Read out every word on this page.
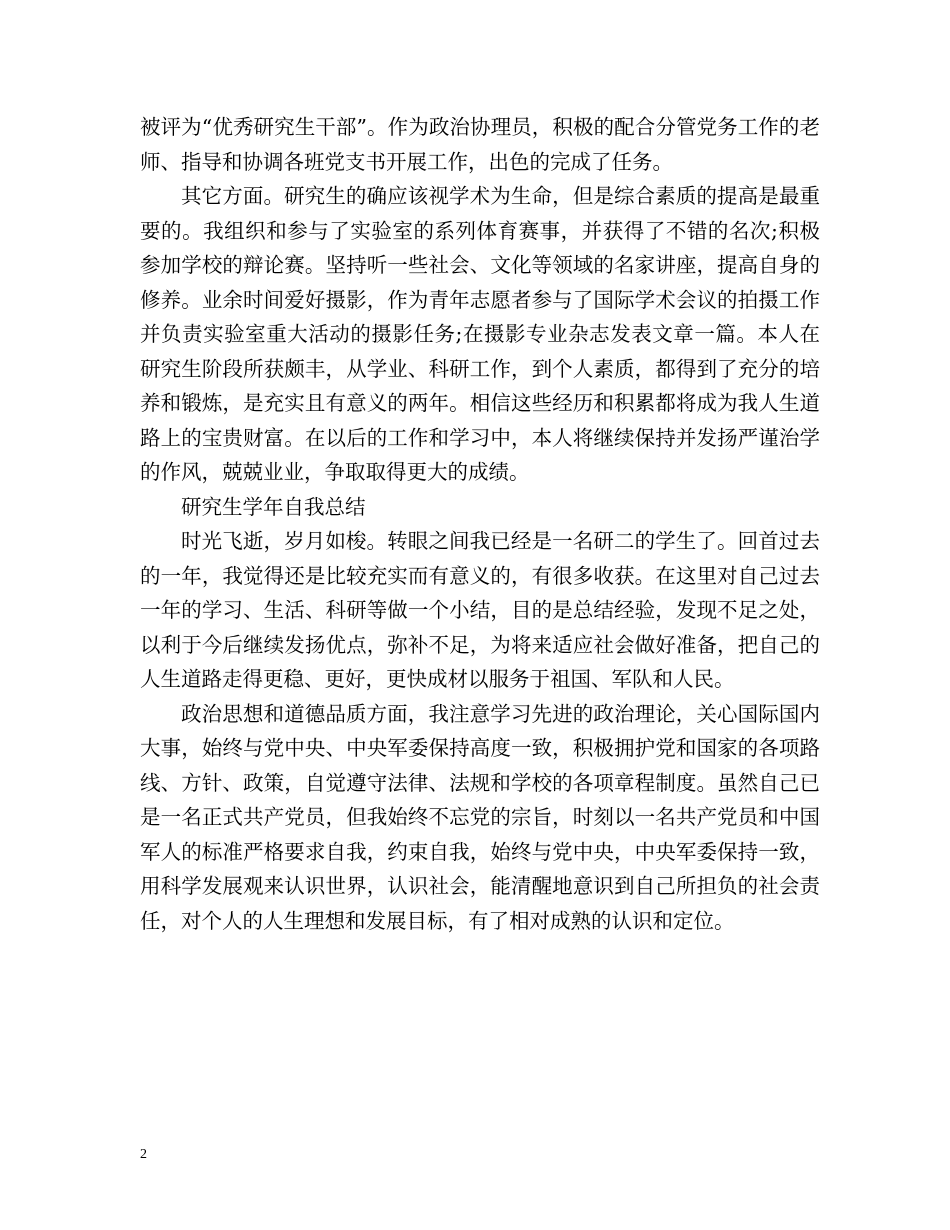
被评为“优秀研究生干部”。作为政治协理员，积极的配合分管党务工作的老师、指导和协调各班党支书开展工作，出色的完成了任务。

其它方面。研究生的确应该视学术为生命，但是综合素质的提高是最重要的。我组织和参与了实验室的系列体育赛事，并获得了不错的名次;积极参加学校的辩论赛。坚持听一些社会、文化等领域的名家讲座，提高自身的修养。业余时间爱好摄影，作为青年志愿者参与了国际学术会议的拍摄工作并负责实验室重大活动的摄影任务;在摄影专业杂志发表文章一篇。本人在研究生阶段所获颇丰，从学业、科研工作，到个人素质，都得到了充分的培养和锻炼，是充实且有意义的两年。相信这些经历和积累都将成为我人生道路上的宝贵财富。在以后的工作和学习中，本人将继续保持并发扬严谨治学的作风，兢兢业业，争取取得更大的成绩。

研究生学年自我总结

时光飞逝，岁月如梭。转眼之间我已经是一名研二的学生了。回首过去的一年，我觉得还是比较充实而有意义的，有很多收获。在这里对自己过去一年的学习、生活、科研等做一个小结，目的是总结经验，发现不足之处，以利于今后继续发扬优点，弥补不足，为将来适应社会做好准备，把自己的人生道路走得更稳、更好，更快成材以服务于祖国、军队和人民。

政治思想和道德品质方面，我注意学习先进的政治理论，关心国际国内大事，始终与党中央、中央军委保持高度一致，积极拥护党和国家的各项路线、方针、政策，自觉遵守法律、法规和学校的各项章程制度。虽然自己已是一名正式共产党员，但我始终不忘党的宗旨，时刻以一名共产党员和中国军人的标准严格要求自我，约束自我，始终与党中央，中央军委保持一致，用科学发展观来认识世界，认识社会，能清醒地意识到自己所担负的社会责任，对个人的人生理想和发展目标，有了相对成熟的认识和定位。

2
